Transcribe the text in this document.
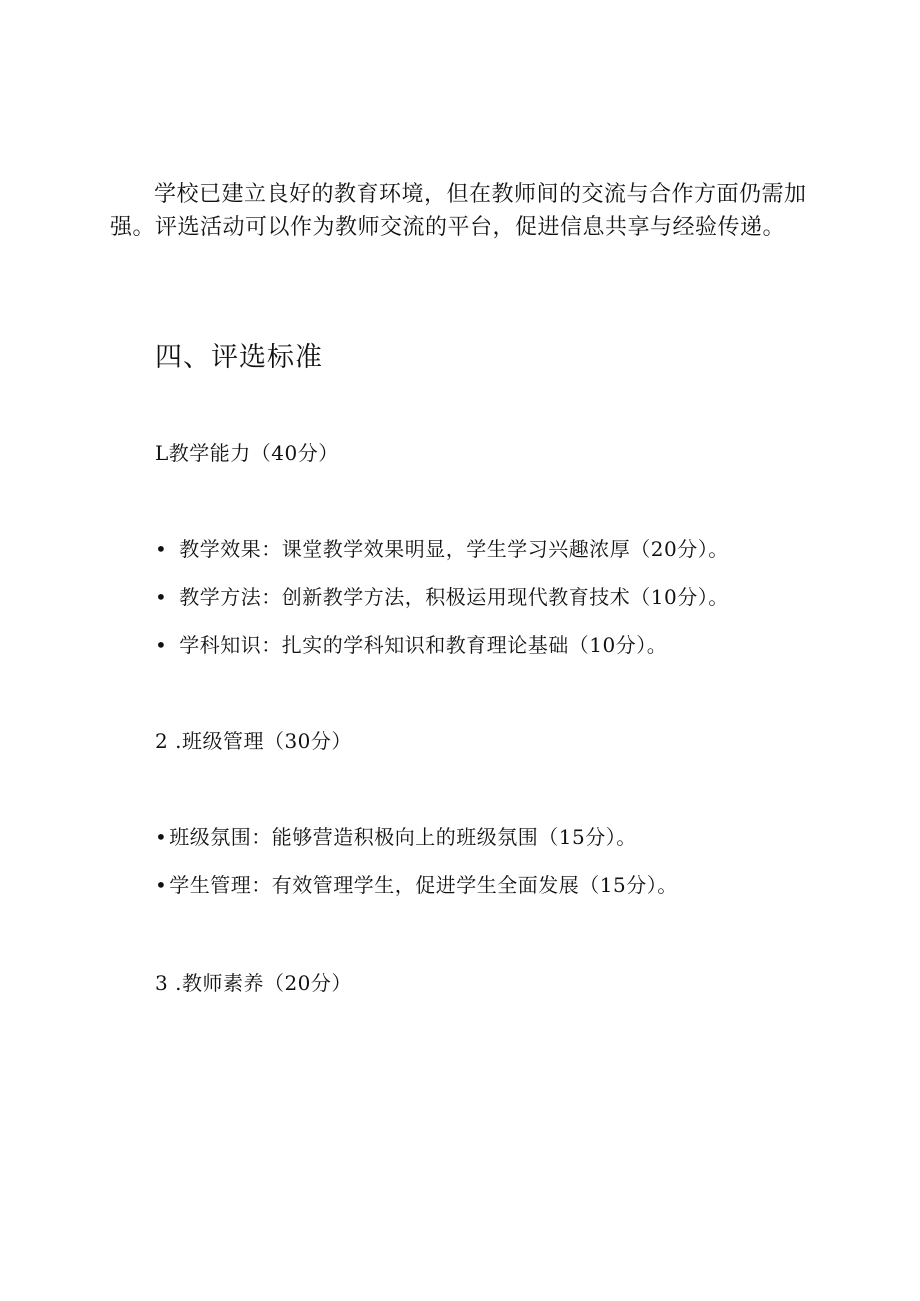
学校已建立良好的教育环境，但在教师间的交流与合作方面仍需加强。评选活动可以作为教师交流的平台，促进信息共享与经验传递。

四、评选标准
L教学能力（40分）
• 教学效果：课堂教学效果明显，学生学习兴趣浓厚（20分）。
• 教学方法：创新教学方法，积极运用现代教育技术（10分）。
• 学科知识：扎实的学科知识和教育理论基础（10分）。
2 .班级管理（30分）
• 班级氛围：能够营造积极向上的班级氛围（15分）。
• 学生管理：有效管理学生，促进学生全面发展（15分）。
3 .教师素养（20分）
